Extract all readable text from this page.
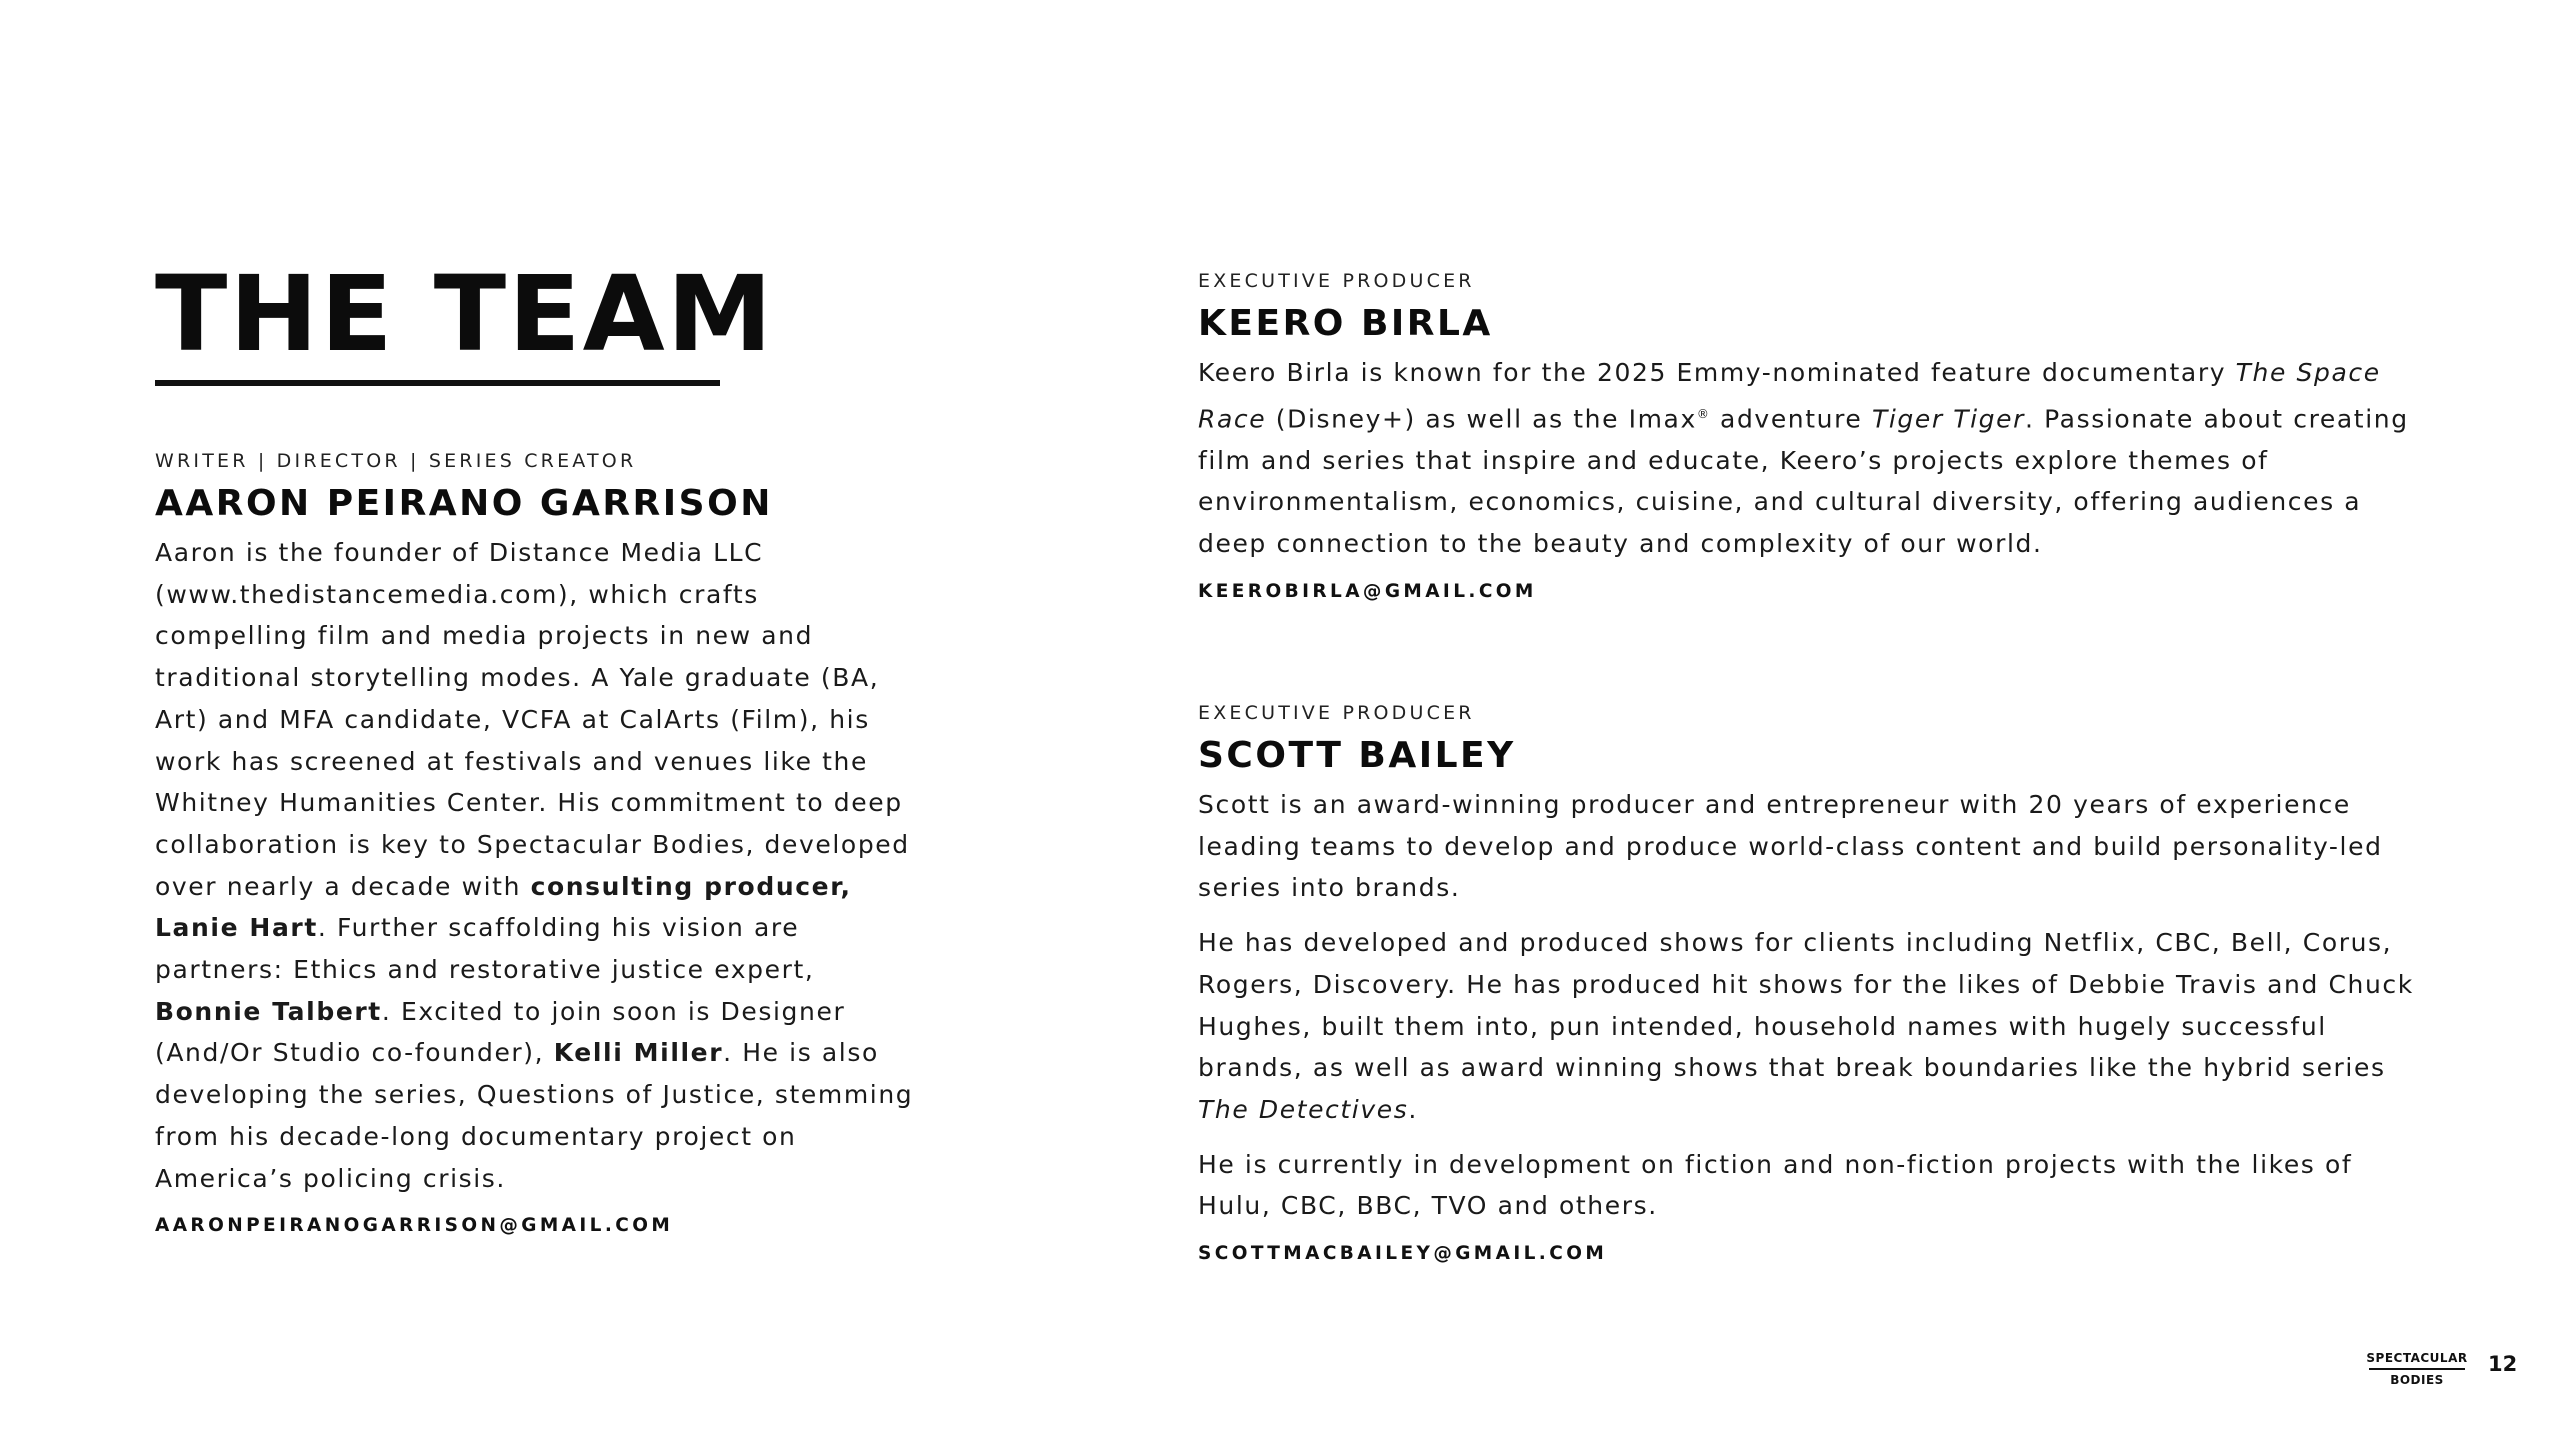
THE TEAM
WRITER | DIRECTOR | SERIES CREATOR
AARON PEIRANO GARRISON

Aaron is the founder of Distance Media LLC (www.thedistancemedia.com), which crafts compelling film and media projects in new and traditional storytelling modes. A Yale graduate (BA, Art) and MFA candidate, VCFA at CalArts (Film), his work has screened at festivals and venues like the Whitney Humanities Center. His commitment to deep collaboration is key to Spectacular Bodies, developed over nearly a decade with consulting producer, Lanie Hart. Further scaffolding his vision are partners: Ethics and restorative justice expert, Bonnie Talbert. Excited to join soon is Designer (And/Or Studio co-founder), Kelli Miller. He is also developing the series, Questions of Justice, stemming from his decade-long documentary project on America’s policing crisis.

AARONPEIRANOGARRISON@GMAIL.COM
EXECUTIVE PRODUCER
KEERO BIRLA

Keero Birla is known for the 2025 Emmy-nominated feature documentary The Space Race (Disney+) as well as the Imax® adventure Tiger Tiger. Passionate about creating film and series that inspire and educate, Keero’s projects explore themes of environmentalism, economics, cuisine, and cultural diversity, offering audiences a deep connection to the beauty and complexity of our world.

KEEROBIRLA@GMAIL.COM
EXECUTIVE PRODUCER
SCOTT BAILEY

Scott is an award-winning producer and entrepreneur with 20 years of experience leading teams to develop and produce world-class content and build personality-led series into brands.

He has developed and produced shows for clients including Netflix, CBC, Bell, Corus, Rogers, Discovery. He has produced hit shows for the likes of Debbie Travis and Chuck Hughes, built them into, pun intended, household names with hugely successful brands, as well as award winning shows that break boundaries like the hybrid series The Detectives.

He is currently in development on fiction and non-fiction projects with the likes of Hulu, CBC, BBC, TVO and others.

SCOTTMACBAILEY@GMAIL.COM
SPECTACULAR
BODIES
12
